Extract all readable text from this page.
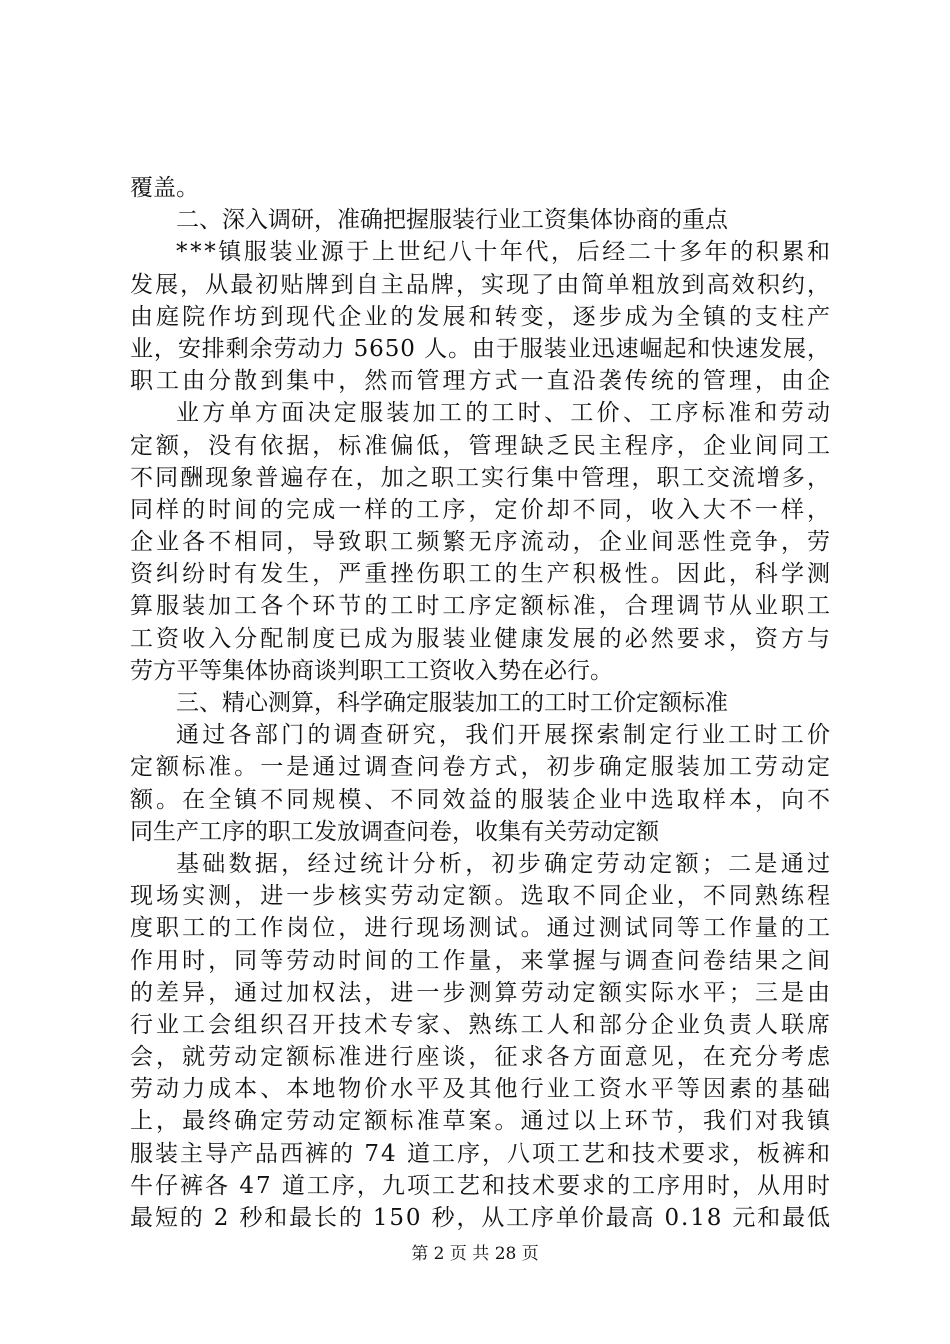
覆盖。
二、深入调研，准确把握服装行业工资集体协商的重点
***镇服装业源于上世纪八十年代，后经二十多年的积累和
发展，从最初贴牌到自主品牌，实现了由简单粗放到高效积约，
由庭院作坊到现代企业的发展和转变，逐步成为全镇的支柱产
业，安排剩余劳动力 5650 人。由于服装业迅速崛起和快速发展，
职工由分散到集中，然而管理方式一直沿袭传统的管理，由企
业方单方面决定服装加工的工时、工价、工序标准和劳动
定额，没有依据，标准偏低，管理缺乏民主程序，企业间同工
不同酬现象普遍存在，加之职工实行集中管理，职工交流增多，
同样的时间的完成一样的工序，定价却不同，收入大不一样，
企业各不相同，导致职工频繁无序流动，企业间恶性竞争，劳
资纠纷时有发生，严重挫伤职工的生产积极性。因此，科学测
算服装加工各个环节的工时工序定额标准，合理调节从业职工
工资收入分配制度已成为服装业健康发展的必然要求，资方与
劳方平等集体协商谈判职工工资收入势在必行。
三、精心测算，科学确定服装加工的工时工价定额标准
通过各部门的调查研究，我们开展探索制定行业工时工价
定额标准。一是通过调查问卷方式，初步确定服装加工劳动定
额。在全镇不同规模、不同效益的服装企业中选取样本，向不
同生产工序的职工发放调查问卷，收集有关劳动定额
基础数据，经过统计分析，初步确定劳动定额；二是通过
现场实测，进一步核实劳动定额。选取不同企业，不同熟练程
度职工的工作岗位，进行现场测试。通过测试同等工作量的工
作用时，同等劳动时间的工作量，来掌握与调查问卷结果之间
的差异，通过加权法，进一步测算劳动定额实际水平；三是由
行业工会组织召开技术专家、熟练工人和部分企业负责人联席
会，就劳动定额标准进行座谈，征求各方面意见，在充分考虑
劳动力成本、本地物价水平及其他行业工资水平等因素的基础
上，最终确定劳动定额标准草案。通过以上环节，我们对我镇
服装主导产品西裤的 74 道工序，八项工艺和技术要求，板裤和
牛仔裤各 47 道工序，九项工艺和技术要求的工序用时，从用时
最短的 2 秒和最长的 150 秒，从工序单价最高 0.18 元和最低
第 2 页 共 28 页
